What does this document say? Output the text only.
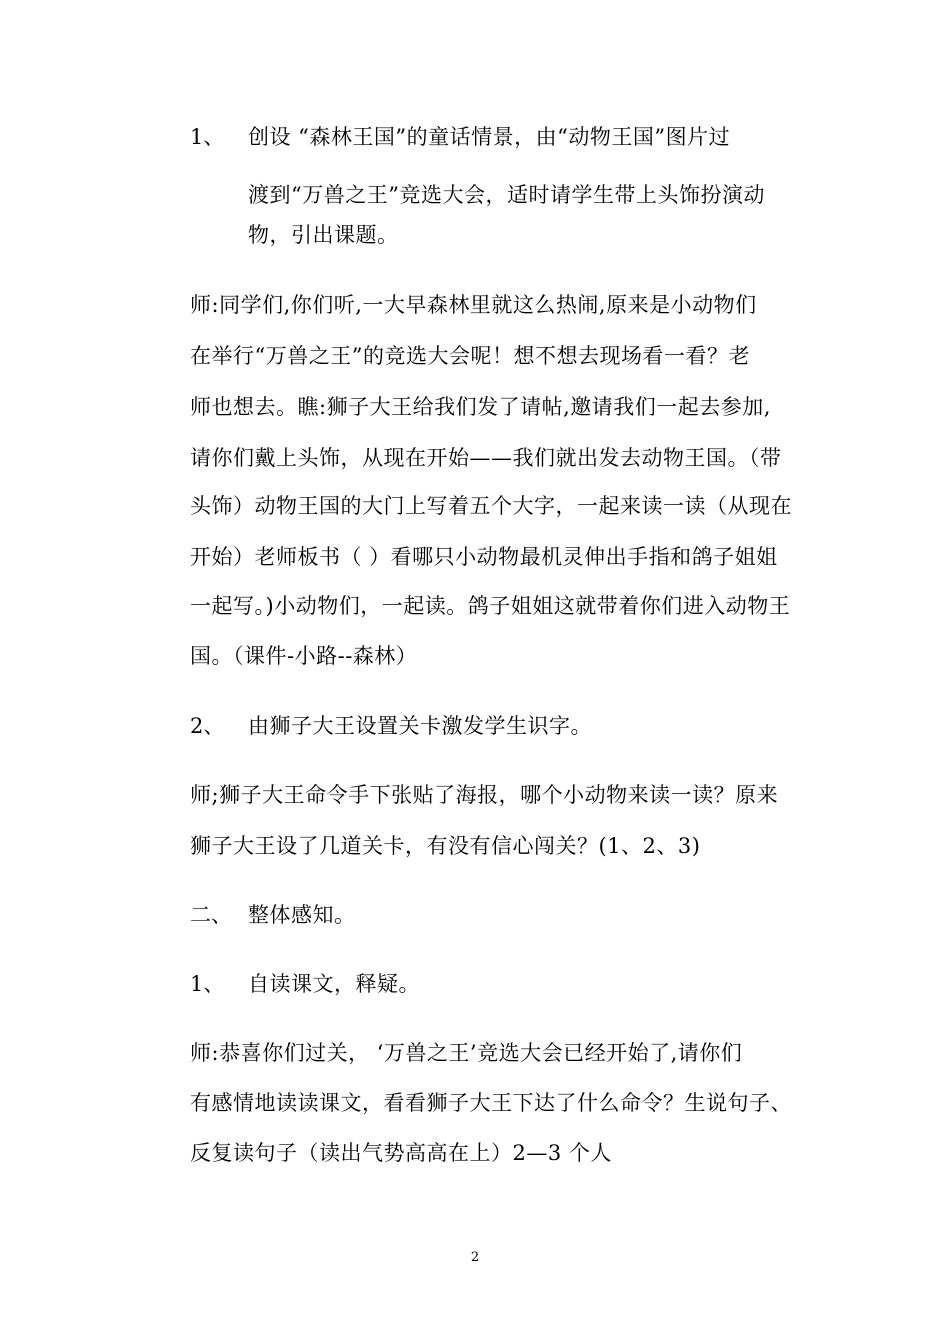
1、 创设 “森林王国”的童话情景，由“动物王国”图片过
渡到“万兽之王”竞选大会，适时请学生带上头饰扮演动
物，引出课题。
师:同学们,你们听,一大早森林里就这么热闹,原来是小动物们
在举行“万兽之王”的竞选大会呢！想不想去现场看一看？老
师也想去。瞧:狮子大王给我们发了请帖,邀请我们一起去参加,
请你们戴上头饰，从现在开始——我们就出发去动物王国。（带
头饰）动物王国的大门上写着五个大字，一起来读一读（从现在
开始）老师板书（ ）看哪只小动物最机灵伸出手指和鸽子姐姐
一起写。)小动物们，一起读。鸽子姐姐这就带着你们进入动物王
国。（课件-小路--森林）
2、 由狮子大王设置关卡激发学生识字。
师;狮子大王命令手下张贴了海报，哪个小动物来读一读？原来
狮子大王设了几道关卡，有没有信心闯关？(1、2、3)
二、 整体感知。
1、 自读课文，释疑。
师:恭喜你们过关， ‘万兽之王’竞选大会已经开始了,请你们
有感情地读读课文，看看狮子大王下达了什么命令？生说句子、
反复读句子（读出气势高高在上）2—3 个人
2
